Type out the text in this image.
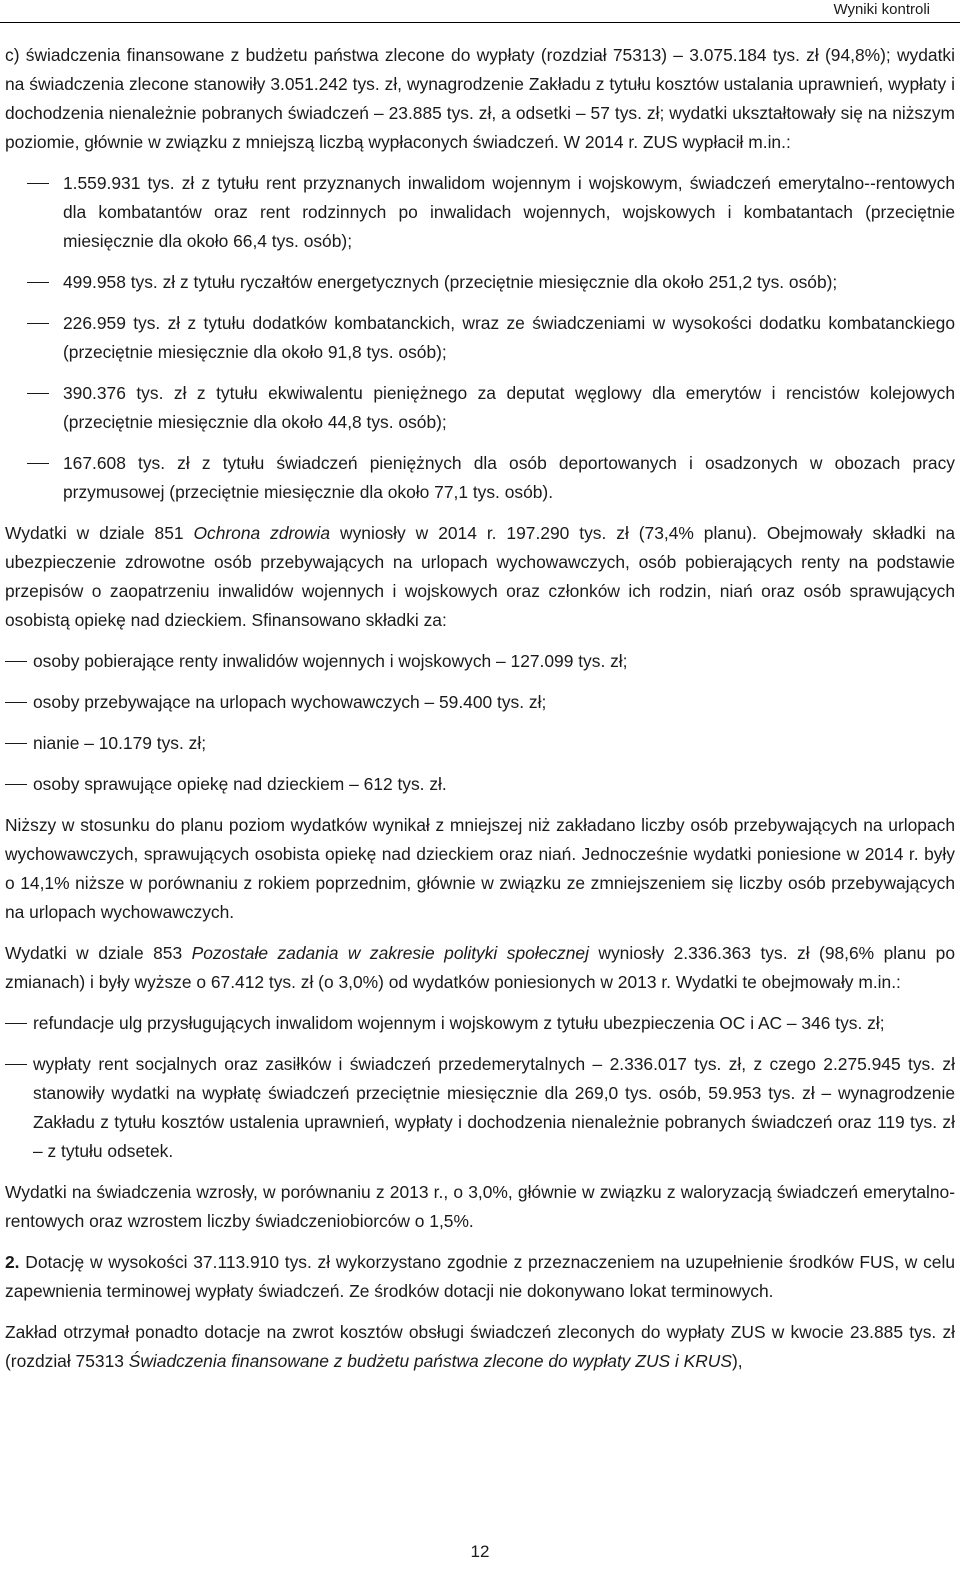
Wyniki kontroli

c) świadczenia finansowane z budżetu państwa zlecone do wypłaty (rozdział 75313) – 3.075.184 tys. zł (94,8%); wydatki na świadczenia zlecone stanowiły 3.051.242 tys. zł, wynagrodzenie Zakładu z tytułu kosztów ustalania uprawnień, wypłaty i dochodzenia nienależnie pobranych świadczeń – 23.885 tys. zł, a odsetki – 57 tys. zł; wydatki ukształtowały się na niższym poziomie, głównie w związku z mniejszą liczbą wypłaconych świadczeń. W 2014 r. ZUS wypłacił m.in.:

1.559.931 tys. zł z tytułu rent przyznanych inwalidom wojennym i wojskowym, świadczeń emerytalno--rentowych dla kombatantów oraz rent rodzinnych po inwalidach wojennych, wojskowych i kombatantach (przeciętnie miesięcznie dla około 66,4 tys. osób);
499.958 tys. zł z tytułu ryczałtów energetycznych (przeciętnie miesięcznie dla około 251,2 tys. osób);
226.959 tys. zł z tytułu dodatków kombatanckich, wraz ze świadczeniami w wysokości dodatku kombatanckiego (przeciętnie miesięcznie dla około 91,8 tys. osób);
390.376 tys. zł z tytułu ekwiwalentu pieniężnego za deputat węglowy dla emerytów i rencistów kolejowych (przeciętnie miesięcznie dla około 44,8 tys. osób);
167.608 tys. zł z tytułu świadczeń pieniężnych dla osób deportowanych i osadzonych w obozach pracy przymusowej (przeciętnie miesięcznie dla około 77,1 tys. osób).

Wydatki w dziale 851 Ochrona zdrowia wyniosły w 2014 r. 197.290 tys. zł (73,4% planu). Obejmowały składki na ubezpieczenie zdrowotne osób przebywających na urlopach wychowawczych, osób pobierających renty na podstawie przepisów o zaopatrzeniu inwalidów wojennych i wojskowych oraz członków ich rodzin, niań oraz osób sprawujących osobistą opiekę nad dzieckiem. Sfinansowano składki za:

osoby pobierające renty inwalidów wojennych i wojskowych – 127.099 tys. zł;
osoby przebywające na urlopach wychowawczych – 59.400 tys. zł;
nianie – 10.179 tys. zł;
osoby sprawujące opiekę nad dzieckiem – 612 tys. zł.

Niższy w stosunku do planu poziom wydatków wynikał z mniejszej niż zakładano liczby osób przebywających na urlopach wychowawczych, sprawujących osobista opiekę nad dzieckiem oraz niań. Jednocześnie wydatki poniesione w 2014 r. były o 14,1% niższe w porównaniu z rokiem poprzednim, głównie w związku ze zmniejszeniem się liczby osób przebywających na urlopach wychowawczych.

Wydatki w dziale 853 Pozostałe zadania w zakresie polityki społecznej wyniosły 2.336.363 tys. zł (98,6% planu po zmianach) i były wyższe o 67.412 tys. zł (o 3,0%) od wydatków poniesionych w 2013 r. Wydatki te obejmowały m.in.:

refundacje ulg przysługujących inwalidom wojennym i wojskowym z tytułu ubezpieczenia OC i AC – 346 tys. zł;
wypłaty rent socjalnych oraz zasiłków i świadczeń przedemerytalnych – 2.336.017 tys. zł, z czego 2.275.945 tys. zł stanowiły wydatki na wypłatę świadczeń przeciętnie miesięcznie dla 269,0 tys. osób, 59.953 tys. zł – wynagrodzenie Zakładu z tytułu kosztów ustalenia uprawnień, wypłaty i dochodzenia nienależnie pobranych świadczeń oraz 119 tys. zł – z tytułu odsetek.

Wydatki na świadczenia wzrosły, w porównaniu z 2013 r., o 3,0%, głównie w związku z waloryzacją świadczeń emerytalno-rentowych oraz wzrostem liczby świadczeniobiorców o 1,5%.

2. Dotację w wysokości 37.113.910 tys. zł wykorzystano zgodnie z przeznaczeniem na uzupełnienie środków FUS, w celu zapewnienia terminowej wypłaty świadczeń. Ze środków dotacji nie dokonywano lokat terminowych.

Zakład otrzymał ponadto dotacje na zwrot kosztów obsługi świadczeń zleconych do wypłaty ZUS w kwocie 23.885 tys. zł (rozdział 75313 Świadczenia finansowane z budżetu państwa zlecone do wypłaty ZUS i KRUS),

12
